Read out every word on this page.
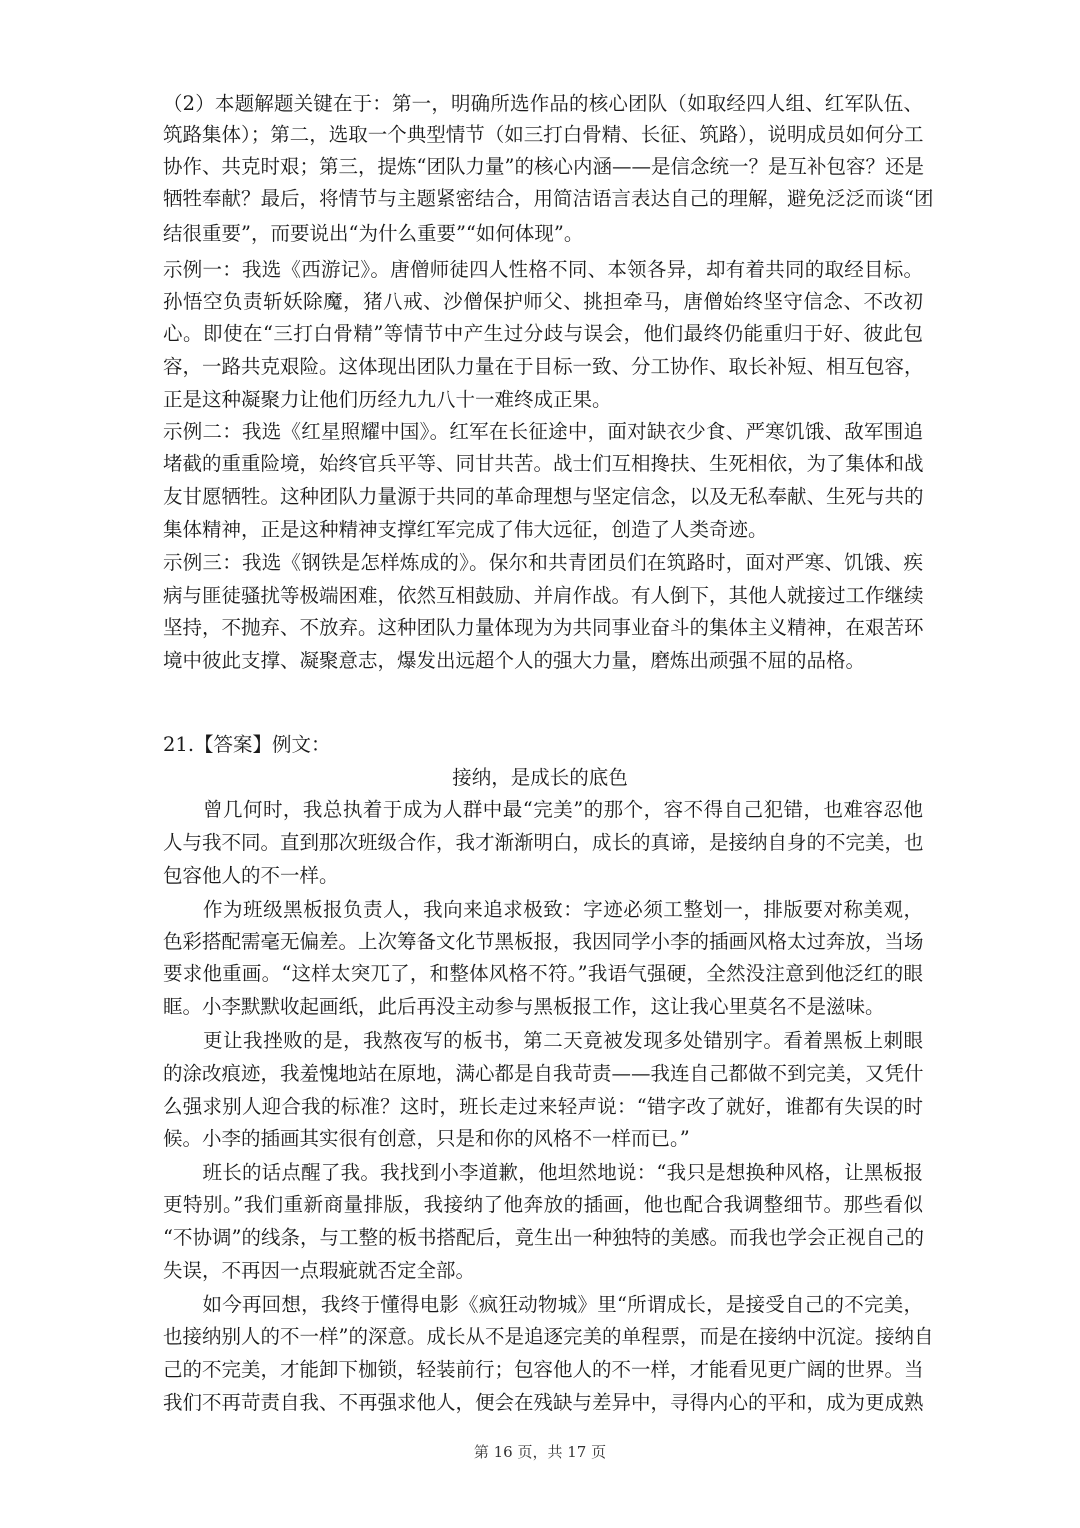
（2）本题解题关键在于：第一，明确所选作品的核心团队（如取经四人组、红军队伍、
筑路集体）；第二，选取一个典型情节（如三打白骨精、长征、筑路），说明成员如何分工
协作、共克时艰；第三，提炼“团队力量”的核心内涵——是信念统一？是互补包容？还是
牺牲奉献？最后，将情节与主题紧密结合，用简洁语言表达自己的理解，避免泛泛而谈“团
结很重要”，而要说出“为什么重要”“如何体现”。
示例一：我选《西游记》。唐僧师徒四人性格不同、本领各异，却有着共同的取经目标。
孙悟空负责斩妖除魔，猪八戒、沙僧保护师父、挑担牵马，唐僧始终坚守信念、不改初
心。即使在“三打白骨精”等情节中产生过分歧与误会，他们最终仍能重归于好、彼此包
容，一路共克艰险。这体现出团队力量在于目标一致、分工协作、取长补短、相互包容，
正是这种凝聚力让他们历经九九八十一难终成正果。
示例二：我选《红星照耀中国》。红军在长征途中，面对缺衣少食、严寒饥饿、敌军围追
堵截的重重险境，始终官兵平等、同甘共苦。战士们互相搀扶、生死相依，为了集体和战
友甘愿牺牲。这种团队力量源于共同的革命理想与坚定信念，以及无私奉献、生死与共的
集体精神，正是这种精神支撑红军完成了伟大远征，创造了人类奇迹。
示例三：我选《钢铁是怎样炼成的》。保尔和共青团员们在筑路时，面对严寒、饥饿、疾
病与匪徒骚扰等极端困难，依然互相鼓励、并肩作战。有人倒下，其他人就接过工作继续
坚持，不抛弃、不放弃。这种团队力量体现为为共同事业奋斗的集体主义精神，在艰苦环
境中彼此支撑、凝聚意志，爆发出远超个人的强大力量，磨炼出顽强不屈的品格。
21.【答案】例文：
接纳，是成长的底色
　　曾几何时，我总执着于成为人群中最“完美”的那个，容不得自己犯错，也难容忍他
人与我不同。直到那次班级合作，我才渐渐明白，成长的真谛，是接纳自身的不完美，也
包容他人的不一样。
　　作为班级黑板报负责人，我向来追求极致：字迹必须工整划一，排版要对称美观，
色彩搭配需毫无偏差。上次筹备文化节黑板报，我因同学小李的插画风格太过奔放，当场
要求他重画。“这样太突兀了，和整体风格不符。”我语气强硬，全然没注意到他泛红的眼
眶。小李默默收起画纸，此后再没主动参与黑板报工作，这让我心里莫名不是滋味。
　　更让我挫败的是，我熬夜写的板书，第二天竟被发现多处错别字。看着黑板上刺眼
的涂改痕迹，我羞愧地站在原地，满心都是自我苛责——我连自己都做不到完美，又凭什
么强求别人迎合我的标准？这时，班长走过来轻声说：“错字改了就好，谁都有失误的时
候。小李的插画其实很有创意，只是和你的风格不一样而已。”
　　班长的话点醒了我。我找到小李道歉，他坦然地说：“我只是想换种风格，让黑板报
更特别。”我们重新商量排版，我接纳了他奔放的插画，他也配合我调整细节。那些看似
“不协调”的线条，与工整的板书搭配后，竟生出一种独特的美感。而我也学会正视自己的
失误，不再因一点瑕疵就否定全部。
　　如今再回想，我终于懂得电影《疯狂动物城》里“所谓成长，是接受自己的不完美，
也接纳别人的不一样”的深意。成长从不是追逐完美的单程票，而是在接纳中沉淀。接纳自
己的不完美，才能卸下枷锁，轻装前行；包容他人的不一样，才能看见更广阔的世界。当
我们不再苛责自我、不再强求他人，便会在残缺与差异中，寻得内心的平和，成为更成熟
第 16 页，共 17 页
